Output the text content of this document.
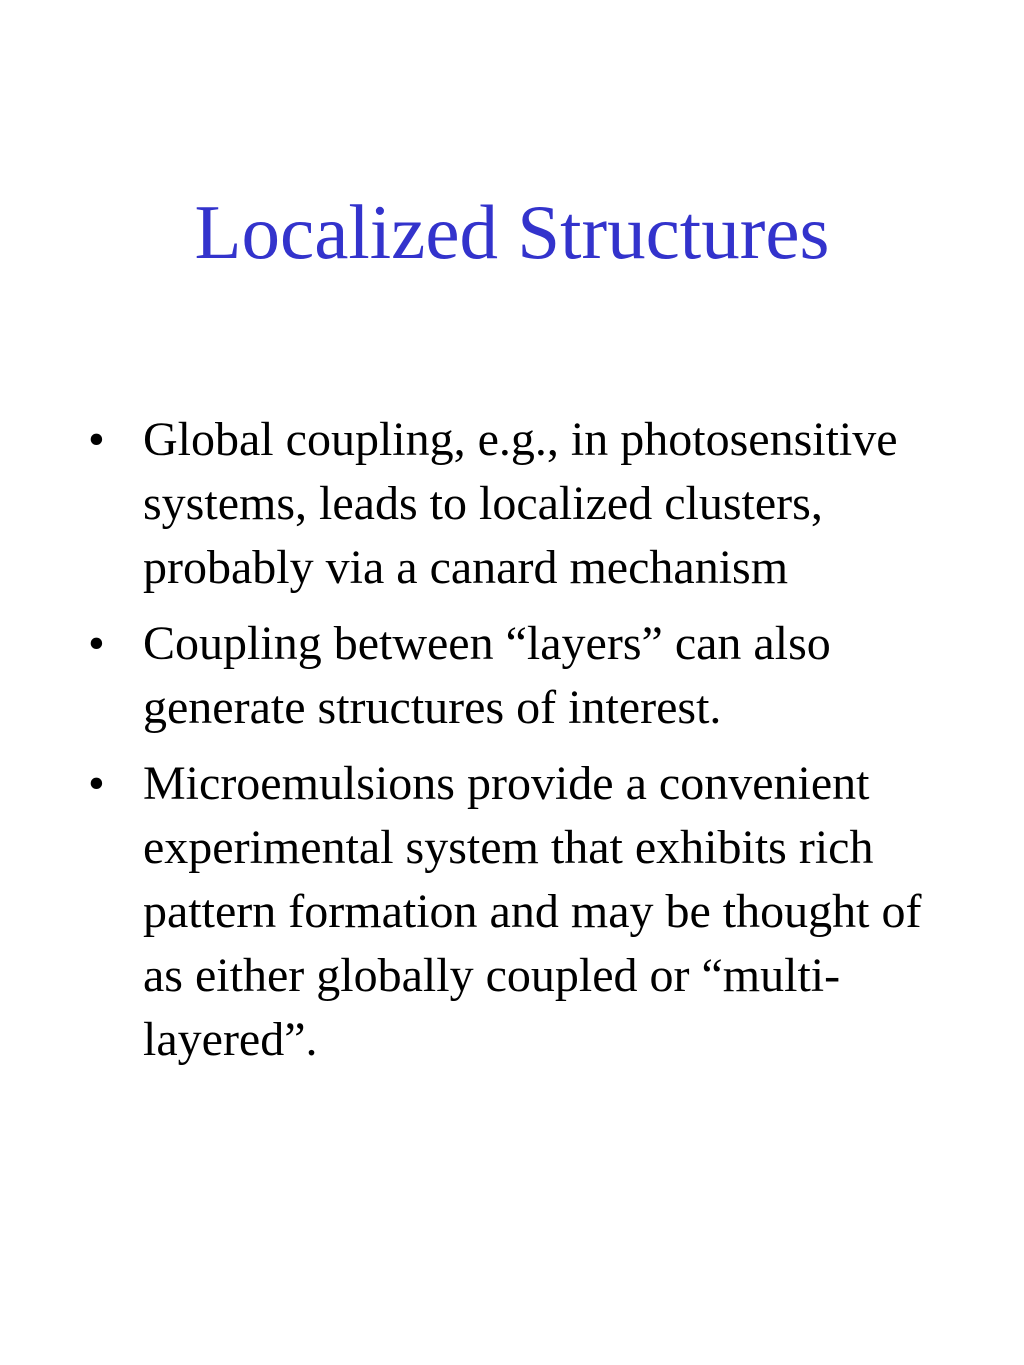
Localized Structures
• Global coupling, e.g., in photosensitive systems, leads to localized clusters, probably via a canard mechanism
• Coupling between “layers” can also generate structures of interest.
• Microemulsions provide a convenient experimental system that exhibits rich pattern formation and may be thought of as either globally coupled or “multi-layered”.
